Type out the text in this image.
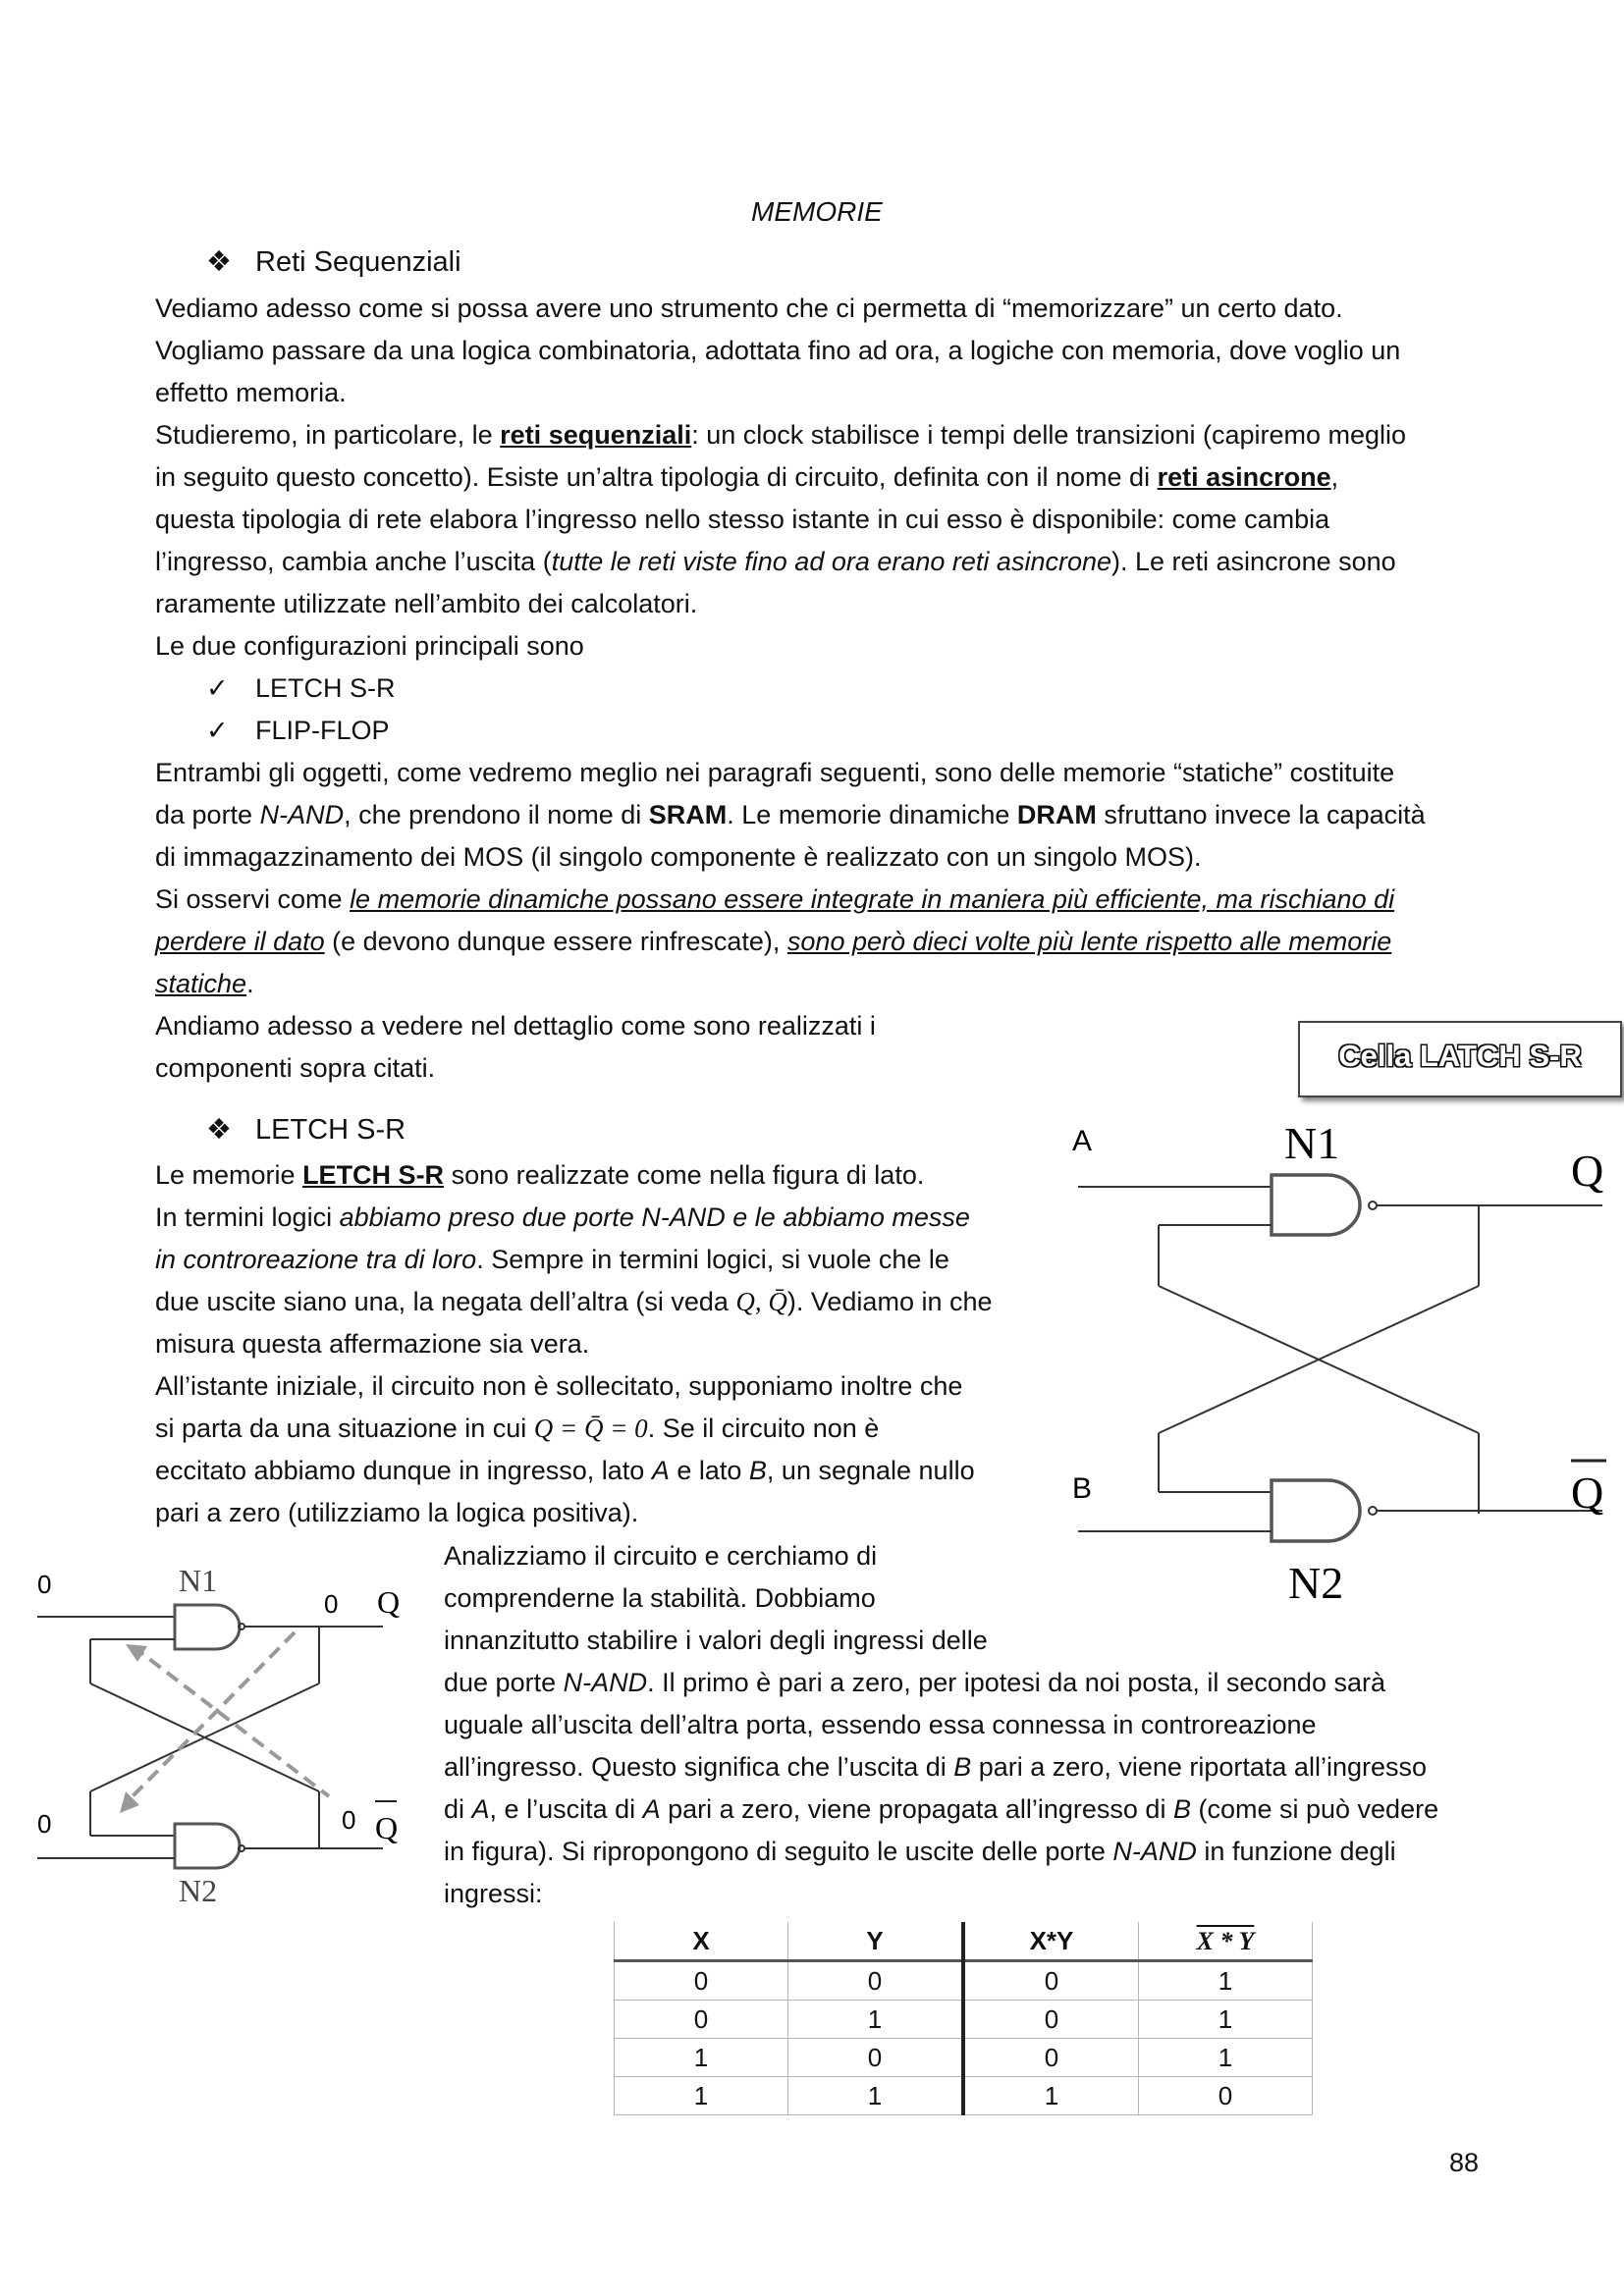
MEMORIE
❖ Reti Sequenziali
Vediamo adesso come si possa avere uno strumento che ci permetta di “memorizzare” un certo dato.
Vogliamo passare da una logica combinatoria, adottata fino ad ora, a logiche con memoria, dove voglio un
effetto memoria.
Studieremo, in particolare, le reti sequenziali: un clock stabilisce i tempi delle transizioni (capiremo meglio
in seguito questo concetto). Esiste un’altra tipologia di circuito, definita con il nome di reti asincrone,
questa tipologia di rete elabora l’ingresso nello stesso istante in cui esso è disponibile: come cambia
l’ingresso, cambia anche l’uscita (tutte le reti viste fino ad ora erano reti asincrone). Le reti asincrone sono
raramente utilizzate nell’ambito dei calcolatori.
Le due configurazioni principali sono
✓ LETCH S-R
✓ FLIP-FLOP
Entrambi gli oggetti, come vedremo meglio nei paragrafi seguenti, sono delle memorie “statiche” costituite
da porte N-AND, che prendono il nome di SRAM. Le memorie dinamiche DRAM sfruttano invece la capacità
di immagazzinamento dei MOS (il singolo componente è realizzato con un singolo MOS).
Si osservi come le memorie dinamiche possano essere integrate in maniera più efficiente, ma rischiano di
perdere il dato (e devono dunque essere rinfrescate), sono però dieci volte più lente rispetto alle memorie
statiche.
Andiamo adesso a vedere nel dettaglio come sono realizzati i
componenti sopra citati.	Cella LATCH S-R
A
B
N1
N2
Q
Q
❖ LETCH S-R
Le memorie LETCH S-R sono realizzate come nella figura di lato.
In termini logici abbiamo preso due porte N-AND e le abbiamo messe
in controreazione tra di loro. Sempre in termini logici, si vuole che le
due uscite siano una, la negata dell’altra (si veda Q, Q̄). Vediamo in che
misura questa affermazione sia vera.
All’istante iniziale, il circuito non è sollecitato, supponiamo inoltre che
si parta da una situazione in cui Q = Q̄ = 0. Se il circuito non è
eccitato abbiamo dunque in ingresso, lato A e lato B, un segnale nullo
pari a zero (utilizziamo la logica positiva).
0
0
N1
N2
0 Q
0 Q
Analizziamo il circuito e cerchiamo di
comprenderne la stabilità. Dobbiamo
innanzitutto stabilire i valori degli ingressi delle
due porte N-AND. Il primo è pari a zero, per ipotesi da noi posta, il secondo sarà
uguale all’uscita dell’altra porta, essendo essa connessa in controreazione
all’ingresso. Questo significa che l’uscita di B pari a zero, viene riportata all’ingresso
di A, e l’uscita di A pari a zero, viene propagata all’ingresso di B (come si può vedere
in figura). Si ripropongono di seguito le uscite delle porte N-AND in funzione degli
ingressi:
X	Y	X*Y	X * Y
0	0	0	1
0	1	0	1
1	0	0	1
1	1	1	0
88
